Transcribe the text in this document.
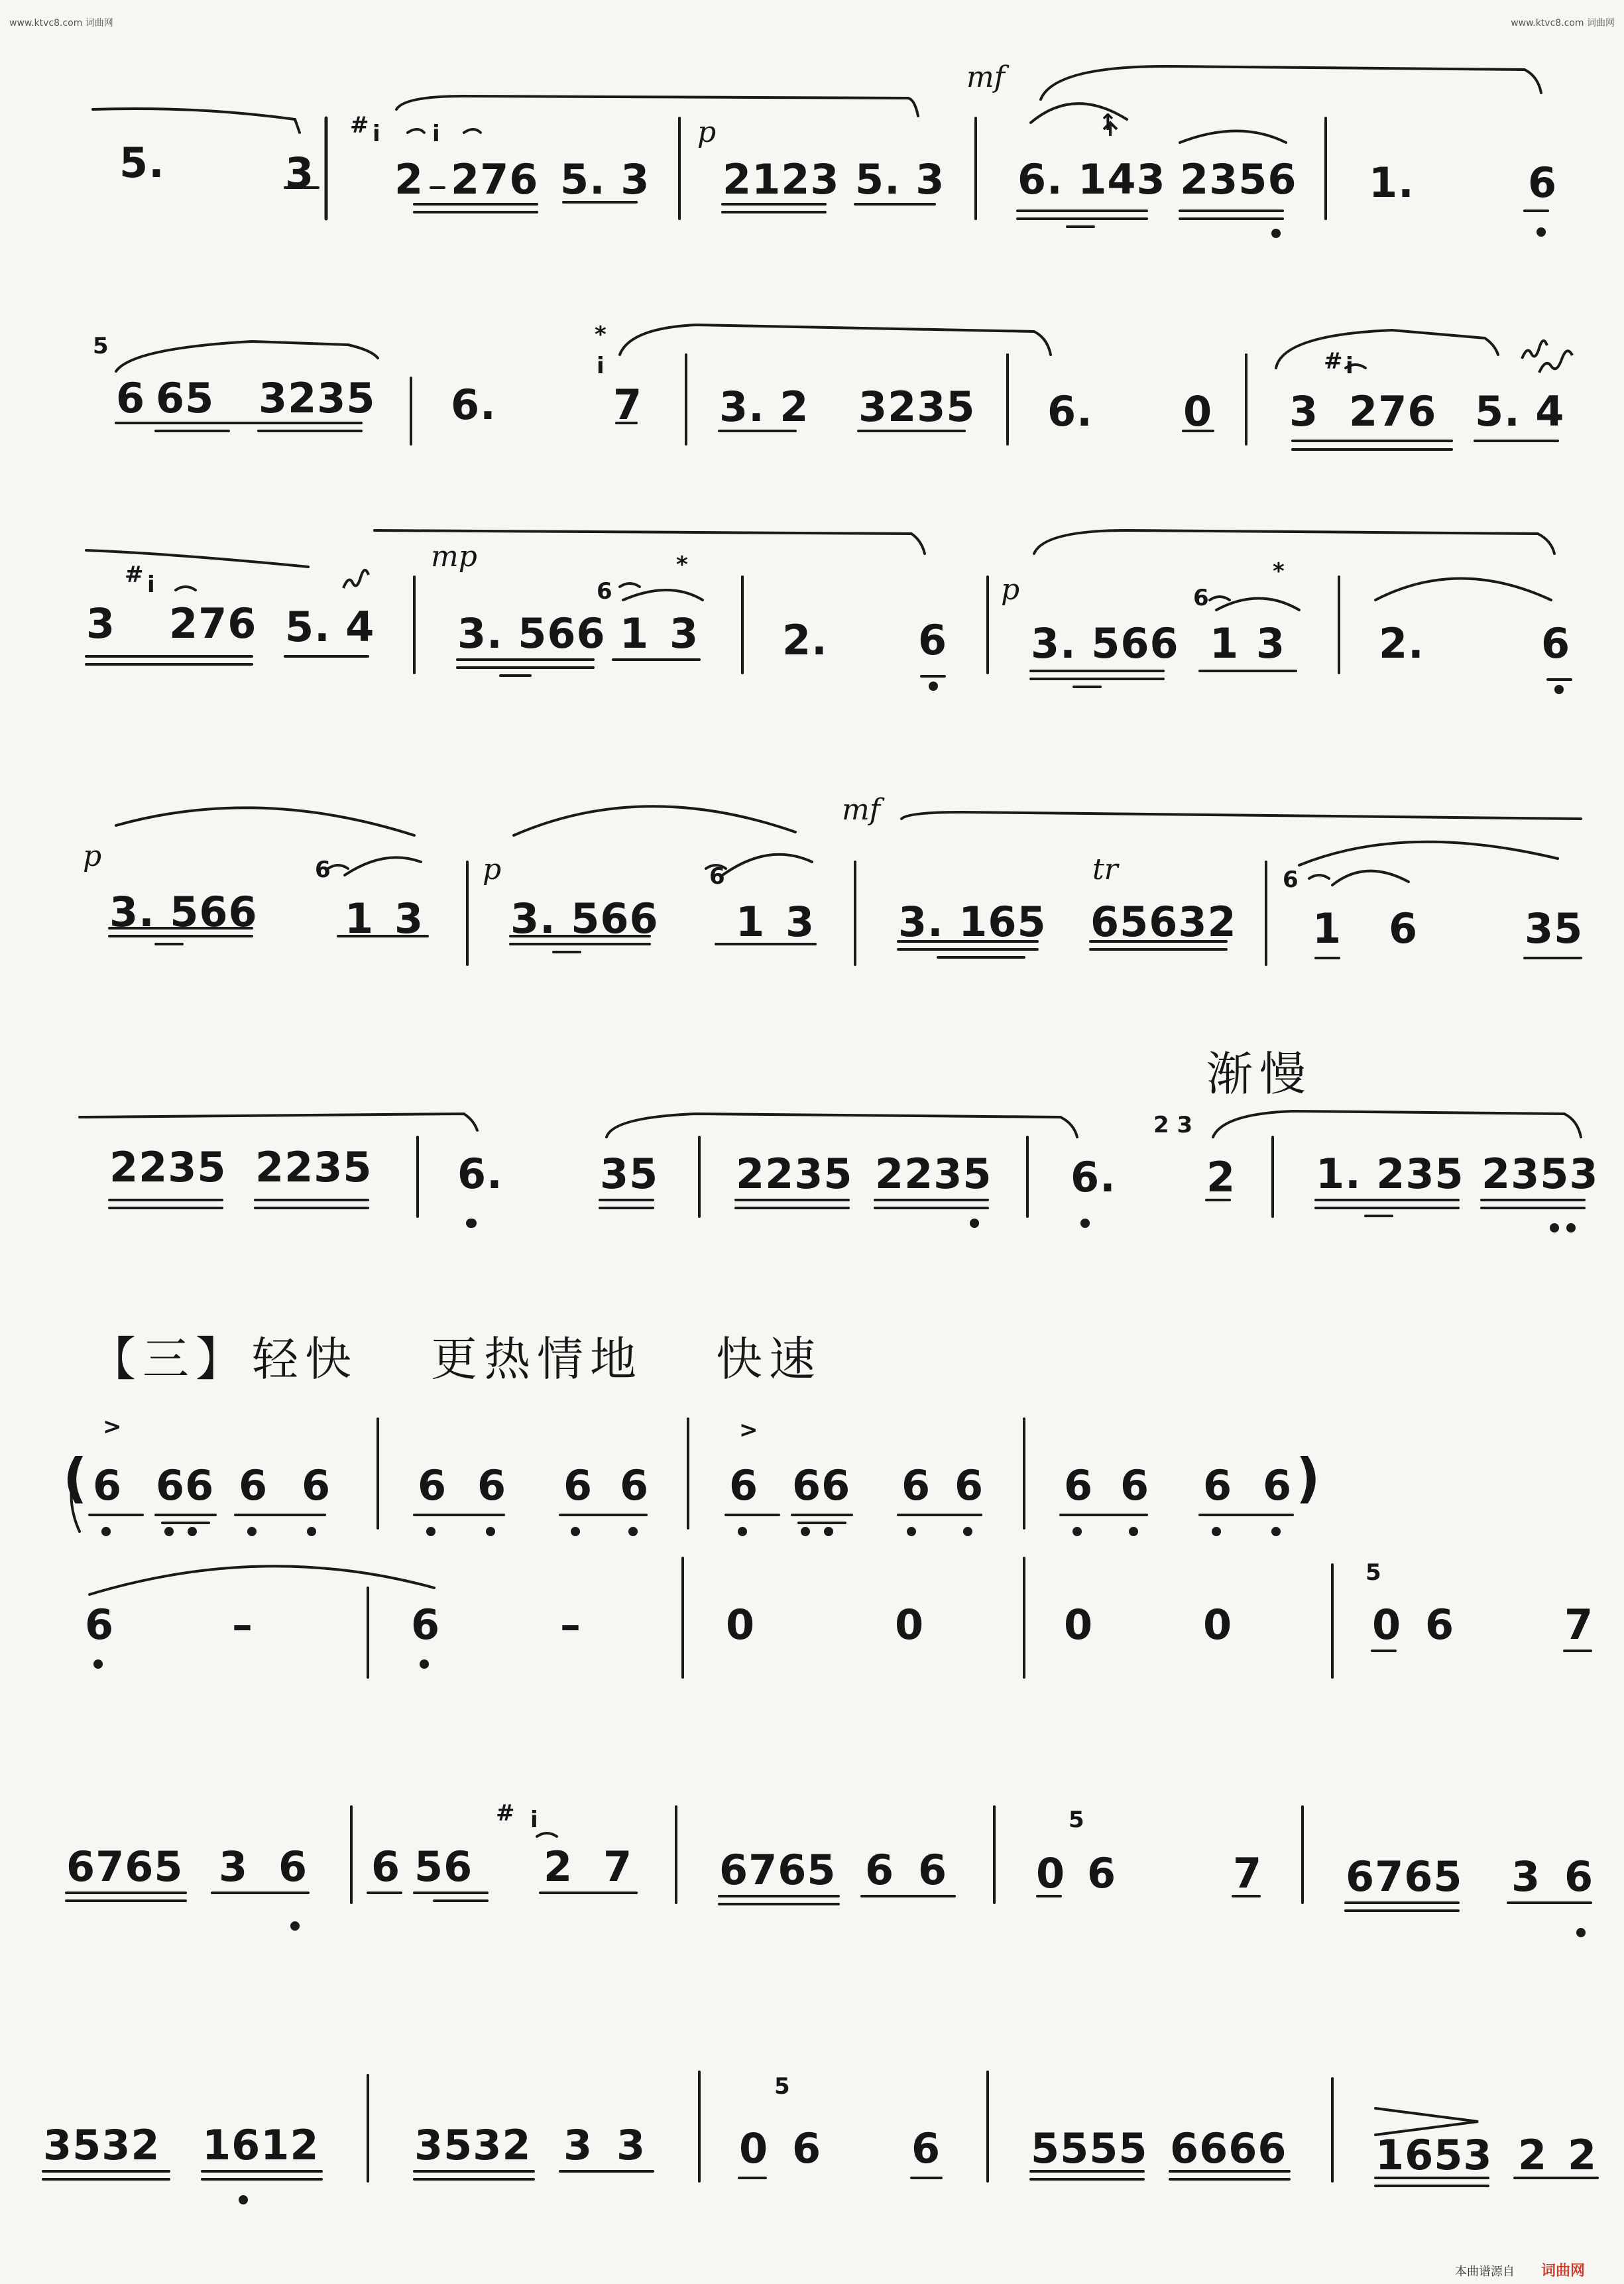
www.ktvc8.com 词曲网	www.ktvc8.com 词曲网
mf
p
# i i
5.	3 2 276 5. 3 2123 5. 3
↑
6. 143 2356 1.	6
5	*
i	# i
6 65 3235 6.	7 3. 2 3235 6. 0 3 276 5. 4
mp
# i
*
6	p
*
6
3 276 5. 4 3. 566 1 3 2. 6 3. 566 1 3 2.	6
p	p
mf
tr
6	6	6
3. 566 1 3 3. 566 1 3 3. 165 65632 1 6	35
渐慢
2 3
2235 2235 6. 35 2235 2235 6. 2 1. 235 2353
【三】 轻快 更热情地 快速
>	>
(	)
6 66 6 6 6 6 6 6 6 66 6 6 6 6 6 6
5
6	–	6	–	0	0	0	0	0 6	7
# i	5
6765 3 6 6 56 2 7 6765 6 6 0 6	7 6765 3 6
5
3532 1612 3532 3 3 0 6 6 5555 6666 1653 2 2
本曲谱源自 词曲网
